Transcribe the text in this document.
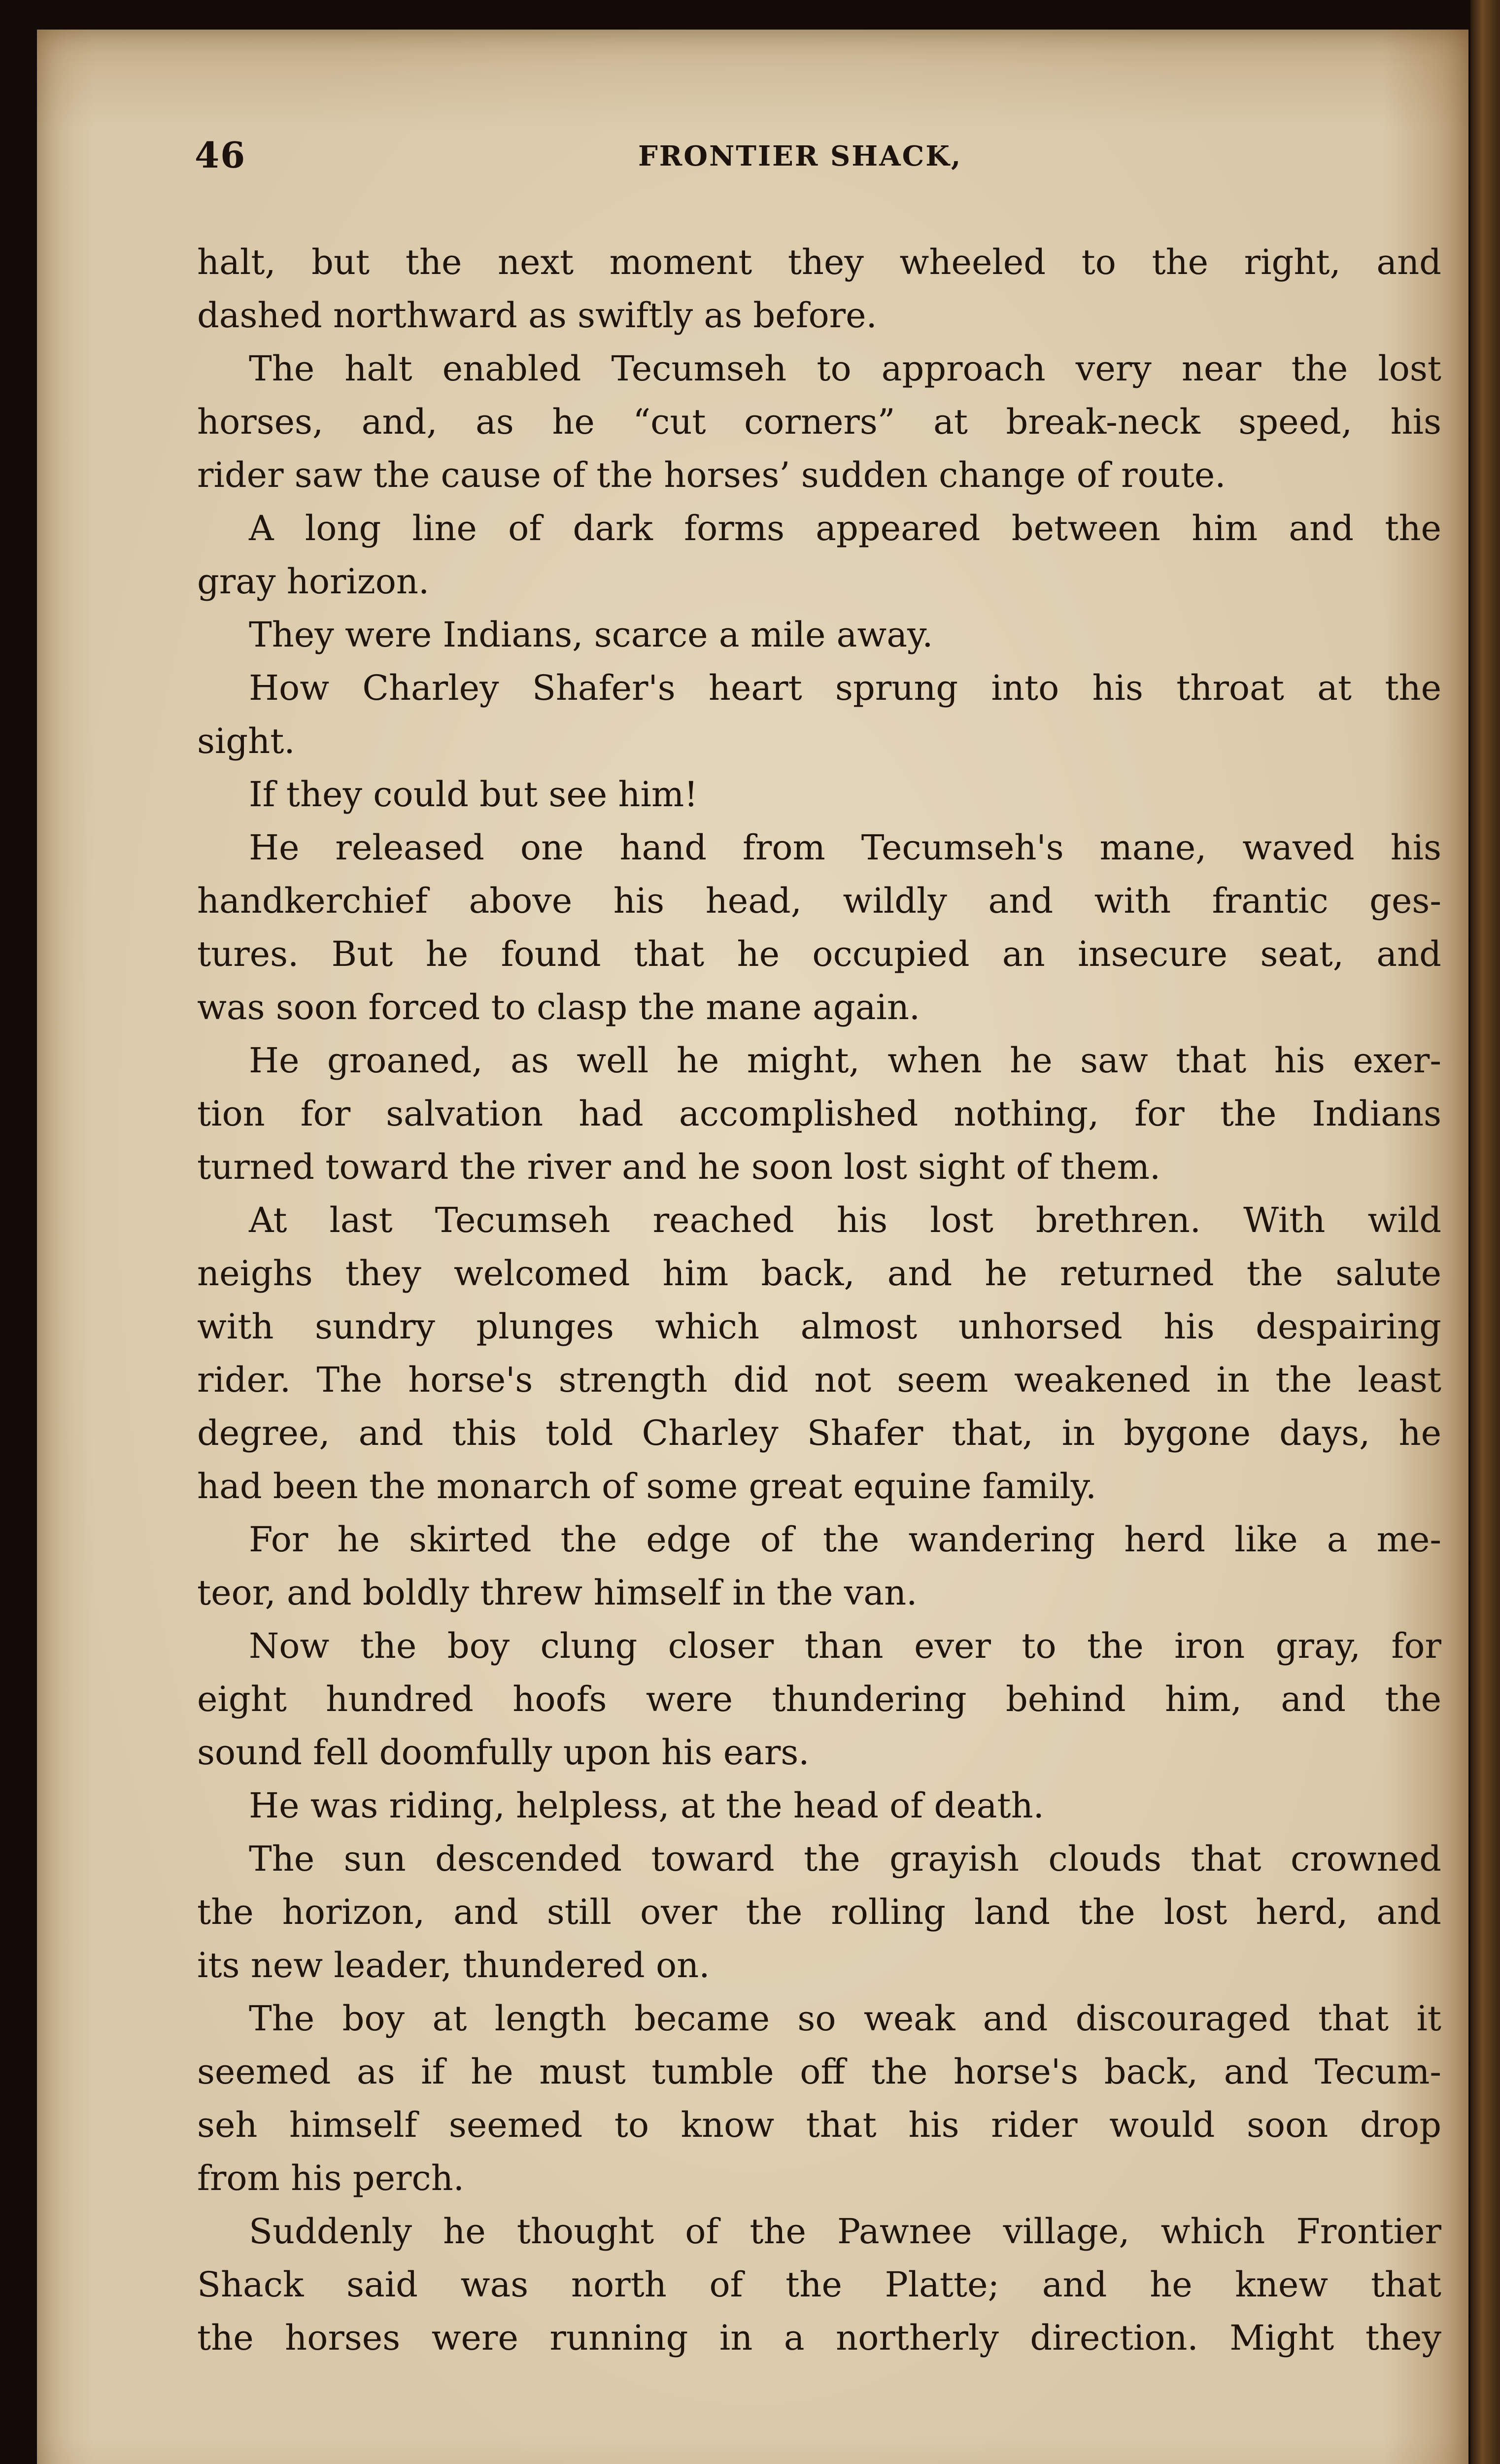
46	FRONTIER SHACK,
halt, but the next moment they wheeled to the right, and
dashed northward as swiftly as before.
The halt enabled Tecumseh to approach very near the lost
horses, and, as he “cut corners” at break-neck speed, his
rider saw the cause of the horses’ sudden change of route.
A long line of dark forms appeared between him and the
gray horizon.
They were Indians, scarce a mile away.
How Charley Shafer's heart sprung into his throat at the
sight.
If they could but see him!
He released one hand from Tecumseh's mane, waved his
handkerchief above his head, wildly and with frantic ges-
tures. But he found that he occupied an insecure seat, and
was soon forced to clasp the mane again.
He groaned, as well he might, when he saw that his exer-
tion for salvation had accomplished nothing, for the Indians
turned toward the river and he soon lost sight of them.
At last Tecumseh reached his lost brethren. With wild
neighs they welcomed him back, and he returned the salute
with sundry plunges which almost unhorsed his despairing
rider. The horse's strength did not seem weakened in the least
degree, and this told Charley Shafer that, in bygone days, he
had been the monarch of some great equine family.
For he skirted the edge of the wandering herd like a me-
teor, and boldly threw himself in the van.
Now the boy clung closer than ever to the iron gray, for
eight hundred hoofs were thundering behind him, and the
sound fell doomfully upon his ears.
He was riding, helpless, at the head of death.
The sun descended toward the grayish clouds that crowned
the horizon, and still over the rolling land the lost herd, and
its new leader, thundered on.
The boy at length became so weak and discouraged that it
seemed as if he must tumble off the horse's back, and Tecum-
seh himself seemed to know that his rider would soon drop
from his perch.
Suddenly he thought of the Pawnee village, which Frontier
Shack said was north of the Platte; and he knew that
the horses were running in a northerly direction. Might they
